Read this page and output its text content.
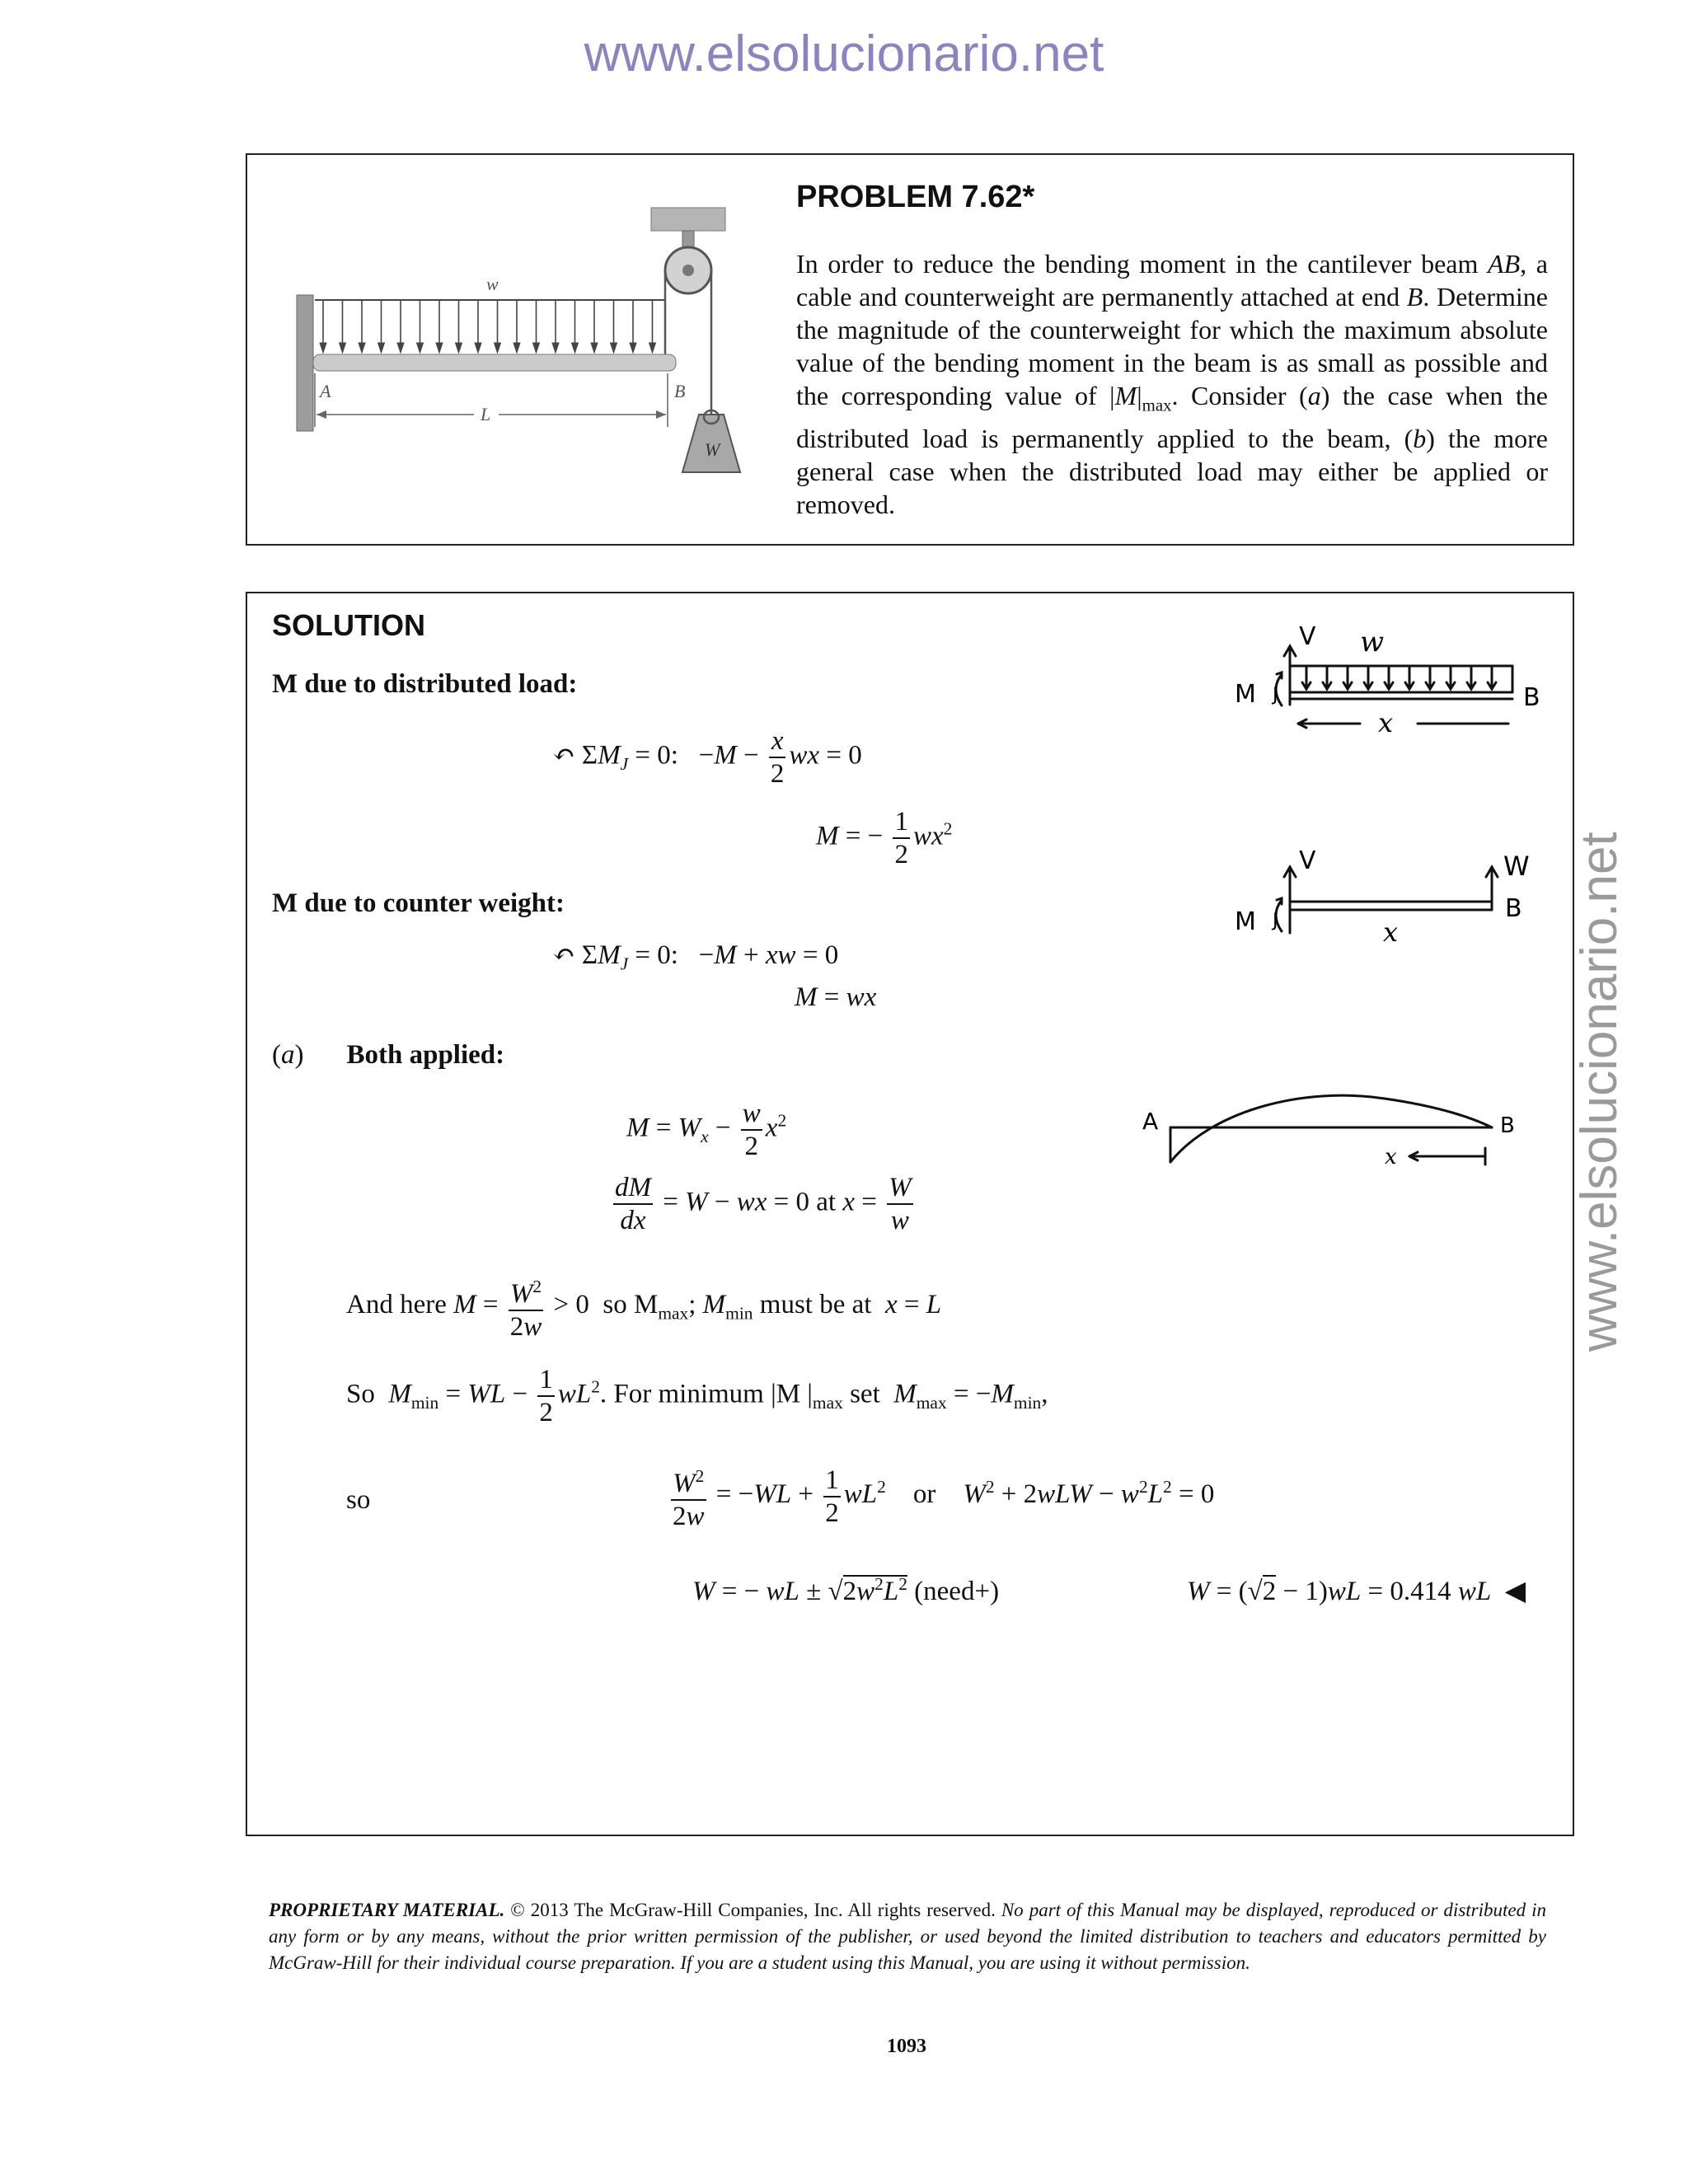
www.elsolucionario.net
www.elsolucionario.net
w
W
A	B
L
PROBLEM 7.62*
In order to reduce the bending moment in the cantilever beam AB, a cable and counterweight are permanently attached at end B. Determine the magnitude of the counterweight for which the maximum absolute value of the bending moment in the beam is as small as possible and the corresponding value of $|M|_{max}$. Consider (a) the case when the distributed load is permanently applied to the beam, (b) the more general case when the distributed load may either be applied or removed.
SOLUTION
M due to distributed load:
↶ $\Sigma M_J = 0$:   $-M - \frac{x}{2}$ wx = 0
M = − $\frac{1}{2} wx^2$
M due to counter weight:
↶ $\Sigma M_J = 0$:   −M + xw = 0
M = wx
(a) Both applied:
$M = W_x - \frac{w}{2} x^2$
$\frac{dM}{dx} = W$ − wx = 0 at $x = \frac{W}{w}$
And here $M = \frac{W^2}{2w} > 0$  so $M_{max}$; $M_{min}$ must be at x = L
So $M_{min}$ = WL − $\frac{1}{2} wL^2$. For minimum |M $|_{max}$ set $M_{max} = -M_{min}$,
so	$\frac{W^2}{2w} = -WL + \frac{1}{2} wL^2$ or $W^2 + 2wLW - w^2L^2 = 0$
W = − wL ± $√2w^2L^2$ (need+)	W = (√2 − 1)wL = 0.414 wL  ◀
V w
M J	B
x
V	W
M J	B
x
A	B
x
PROPRIETARY MATERIAL. © 2013 The McGraw-Hill Companies, Inc. All rights reserved. No part of this Manual may be displayed, reproduced or distributed in any form or by any means, without the prior written permission of the publisher, or used beyond the limited distribution to teachers and educators permitted by McGraw-Hill for their individual course preparation. If you are a student using this Manual, you are using it without permission.
1093
